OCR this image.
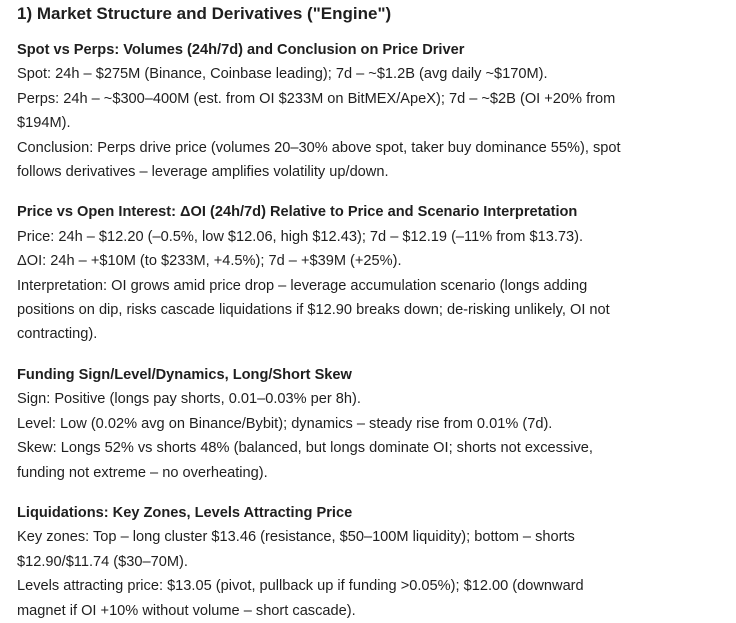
1) Market Structure and Derivatives ("Engine")
Spot vs Perps: Volumes (24h/7d) and Conclusion on Price Driver
Spot: 24h – $275M (Binance, Coinbase leading); 7d – ~$1.2B (avg daily ~$170M).
Perps: 24h – ~$300–400M (est. from OI $233M on BitMEX/ApeX); 7d – ~$2B (OI +20% from
$194M).
Conclusion: Perps drive price (volumes 20–30% above spot, taker buy dominance 55%), spot
follows derivatives – leverage amplifies volatility up/down.
Price vs Open Interest: ΔOI (24h/7d) Relative to Price and Scenario Interpretation
Price: 24h – $12.20 (–0.5%, low $12.06, high $12.43); 7d – $12.19 (–11% from $13.73).
ΔOI: 24h – +$10M (to $233M, +4.5%); 7d – +$39M (+25%).
Interpretation: OI grows amid price drop – leverage accumulation scenario (longs adding
positions on dip, risks cascade liquidations if $12.90 breaks down; de-risking unlikely, OI not
contracting).
Funding Sign/Level/Dynamics, Long/Short Skew
Sign: Positive (longs pay shorts, 0.01–0.03% per 8h).
Level: Low (0.02% avg on Binance/Bybit); dynamics – steady rise from 0.01% (7d).
Skew: Longs 52% vs shorts 48% (balanced, but longs dominate OI; shorts not excessive,
funding not extreme – no overheating).
Liquidations: Key Zones, Levels Attracting Price
Key zones: Top – long cluster $13.46 (resistance, $50–100M liquidity); bottom – shorts
$12.90/$11.74 ($30–70M).
Levels attracting price: $13.05 (pivot, pullback up if funding >0.05%); $12.00 (downward
magnet if OI +10% without volume – short cascade).
